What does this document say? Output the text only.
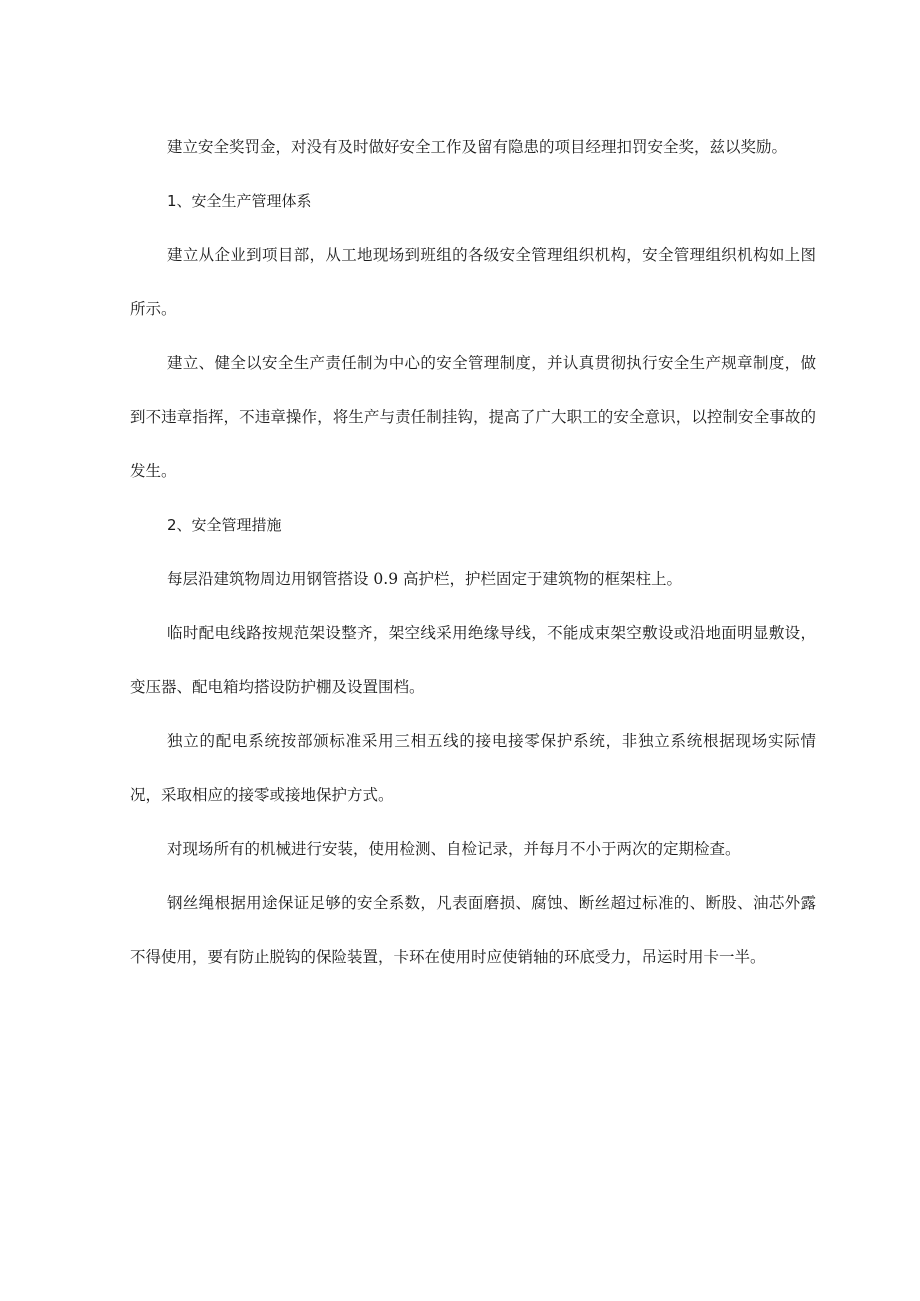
建立安全奖罚金，对没有及时做好安全工作及留有隐患的项目经理扣罚安全奖，兹以奖励。

1、安全生产管理体系

建立从企业到项目部，从工地现场到班组的各级安全管理组织机构，安全管理组织机构如上图所示。

建立、健全以安全生产责任制为中心的安全管理制度，并认真贯彻执行安全生产规章制度，做到不违章指挥，不违章操作，将生产与责任制挂钩，提高了广大职工的安全意识，以控制安全事故的发生。

2、安全管理措施

每层沿建筑物周边用钢管搭设 0.9 高护栏，护栏固定于建筑物的框架柱上。

临时配电线路按规范架设整齐，架空线采用绝缘导线，不能成束架空敷设或沿地面明显敷设，变压器、配电箱均搭设防护棚及设置围档。

独立的配电系统按部颁标准采用三相五线的接电接零保护系统，非独立系统根据现场实际情况，采取相应的接零或接地保护方式。

对现场所有的机械进行安装，使用检测、自检记录，并每月不小于两次的定期检查。

钢丝绳根据用途保证足够的安全系数，凡表面磨损、腐蚀、断丝超过标准的、断股、油芯外露不得使用，要有防止脱钩的保险装置，卡环在使用时应使销轴的环底受力，吊运时用卡一半。
